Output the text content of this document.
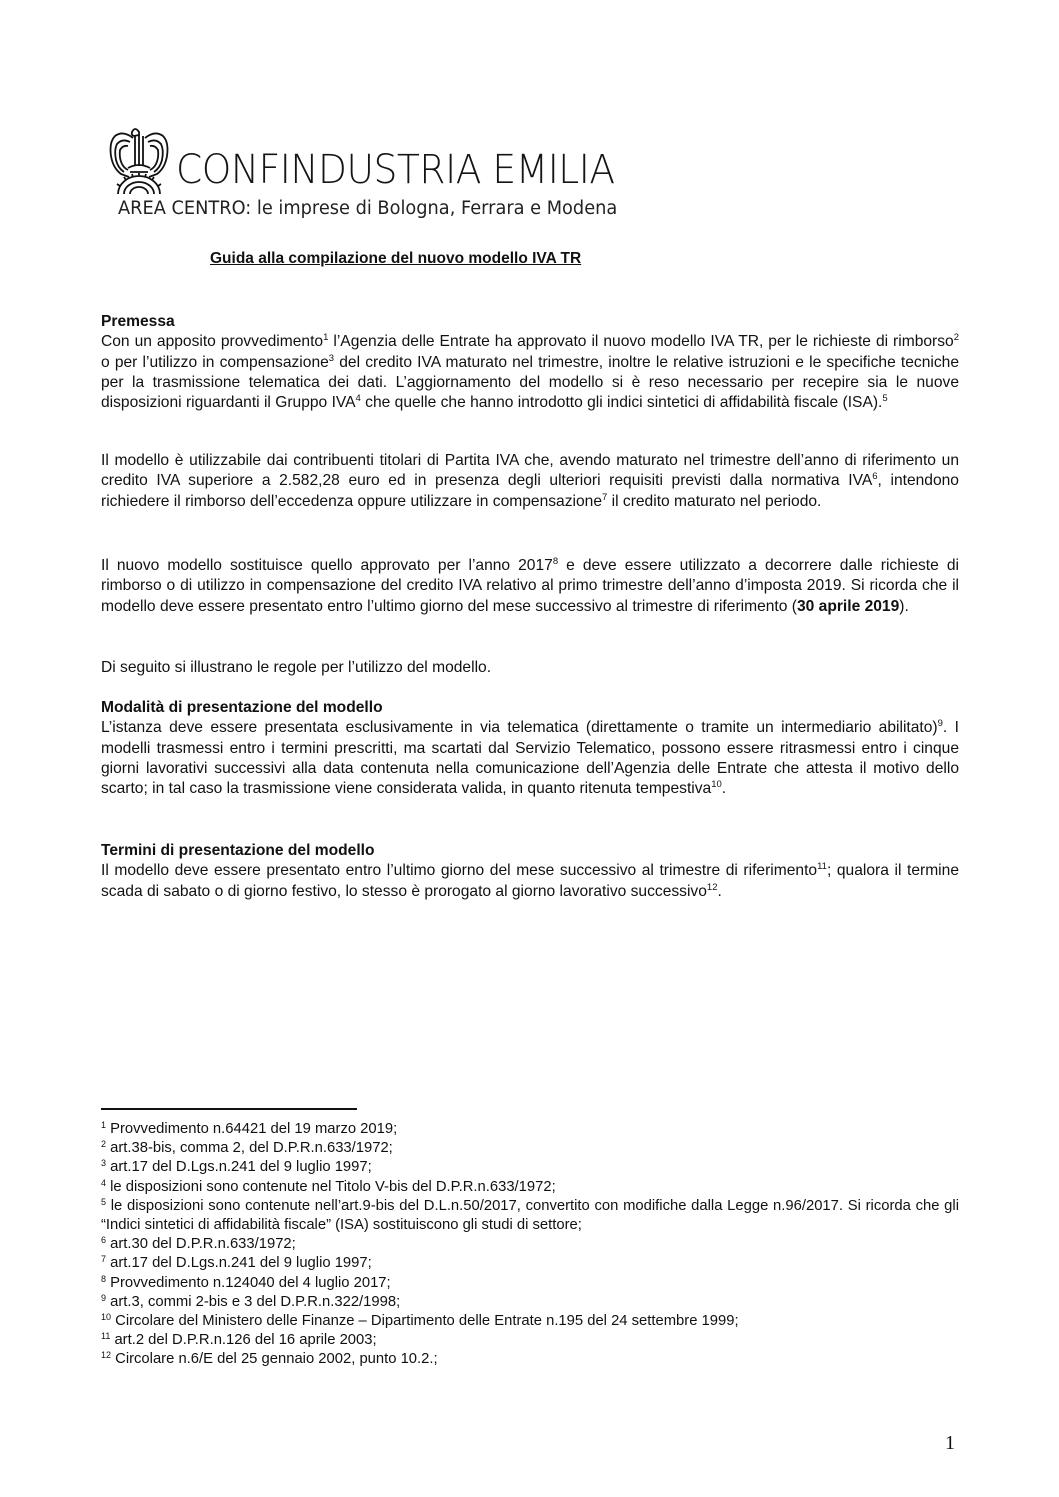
CONFINDUSTRIA EMILIA
AREA CENTRO: le imprese di Bologna, Ferrara e Modena
Guida alla compilazione del nuovo modello IVA TR
Premessa

Con un apposito provvedimento$^1$ l’Agenzia delle Entrate ha approvato il nuovo modello IVA TR, per le richieste di rimborso$^2$ o per l’utilizzo in compensazione$^3$ del credito IVA maturato nel trimestre, inoltre le relative istruzioni e le specifiche tecniche per la trasmissione telematica dei dati. L’aggiornamento del modello si è reso necessario per recepire sia le nuove disposizioni riguardanti il Gruppo IVA$^4$ che quelle che hanno introdotto gli indici sintetici di affidabilità fiscale (ISA).$^5$

Il modello è utilizzabile dai contribuenti titolari di Partita IVA che, avendo maturato nel trimestre dell’anno di riferimento un credito IVA superiore a 2.582,28 euro ed in presenza degli ulteriori requisiti previsti dalla normativa IVA$^6$, intendono richiedere il rimborso dell’eccedenza oppure utilizzare in compensazione$^7$ il credito maturato nel periodo.

Il nuovo modello sostituisce quello approvato per l’anno 2017$^8$ e deve essere utilizzato a decorrere dalle richieste di rimborso o di utilizzo in compensazione del credito IVA relativo al primo trimestre dell’anno d’imposta 2019. Si ricorda che il modello deve essere presentato entro l’ultimo giorno del mese successivo al trimestre di riferimento (30 aprile 2019).

Di seguito si illustrano le regole per l’utilizzo del modello.

Modalità di presentazione del modello

L’istanza deve essere presentata esclusivamente in via telematica (direttamente o tramite un intermediario abilitato)$^9$. I modelli trasmessi entro i termini prescritti, ma scartati dal Servizio Telematico, possono essere ritrasmessi entro i cinque giorni lavorativi successivi alla data contenuta nella comunicazione dell’Agenzia delle Entrate che attesta il motivo dello scarto; in tal caso la trasmissione viene considerata valida, in quanto ritenuta tempestiva$^{10}$.

Termini di presentazione del modello

Il modello deve essere presentato entro l’ultimo giorno del mese successivo al trimestre di riferimento$^{11}$; qualora il termine scada di sabato o di giorno festivo, lo stesso è prorogato al giorno lavorativo successivo$^{12}$.

$^1$ Provvedimento n.64421 del 19 marzo 2019;

$^2$ art.38-bis, comma 2, del D.P.R.n.633/1972;

$^3$ art.17 del D.Lgs.n.241 del 9 luglio 1997;

$^4$ le disposizioni sono contenute nel Titolo V-bis del D.P.R.n.633/1972;

$^5$ le disposizioni sono contenute nell’art.9-bis del D.L.n.50/2017, convertito con modifiche dalla Legge n.96/2017. Si ricorda che gli “Indici sintetici di affidabilità fiscale” (ISA) sostituiscono gli studi di settore;

$^6$ art.30 del D.P.R.n.633/1972;

$^7$ art.17 del D.Lgs.n.241 del 9 luglio 1997;

$^8$ Provvedimento n.124040 del 4 luglio 2017;

$^9$ art.3, commi 2-bis e 3 del D.P.R.n.322/1998;

$^{10}$ Circolare del Ministero delle Finanze – Dipartimento delle Entrate n.195 del 24 settembre 1999;

$^{11}$ art.2 del D.P.R.n.126 del 16 aprile 2003;

$^{12}$ Circolare n.6/E del 25 gennaio 2002, punto 10.2.;

1
